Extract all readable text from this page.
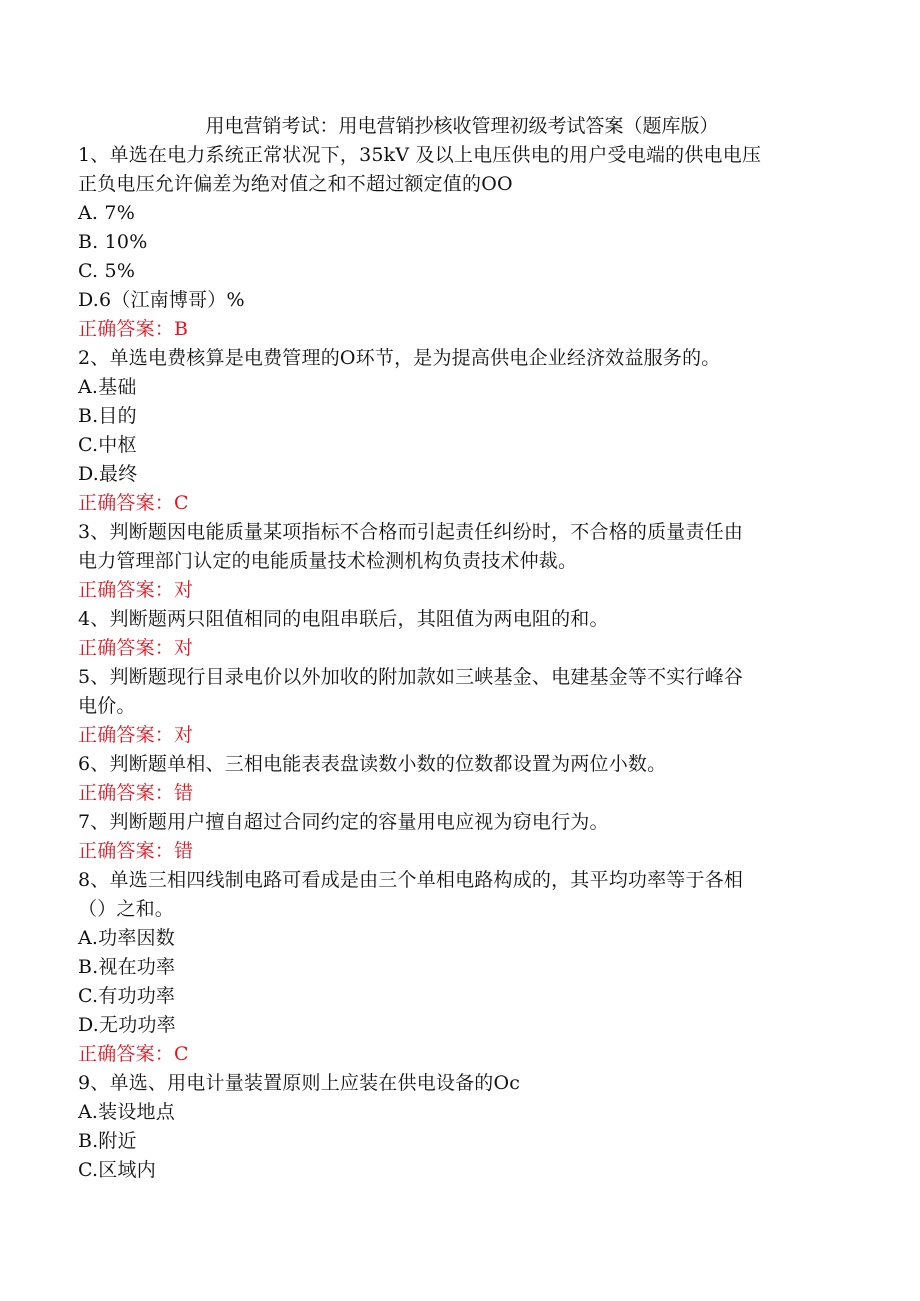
用电营销考试：用电营销抄核收管理初级考试答案（题库版）
1、单选在电力系统正常状况下，35kV 及以上电压供电的用户受电端的供电电压
正负电压允许偏差为绝对值之和不超过额定值的OO
A. 7%
B. 10%
C. 5%
D.6（江南博哥）%
正确答案：B
2、单选电费核算是电费管理的O环节，是为提高供电企业经济效益服务的。
A.基础
B.目的
C.中枢
D.最终
正确答案：C
3、判断题因电能质量某项指标不合格而引起责任纠纷时，不合格的质量责任由
电力管理部门认定的电能质量技术检测机构负责技术仲裁。
正确答案：对
4、判断题两只阻值相同的电阻串联后，其阻值为两电阻的和。
正确答案：对
5、判断题现行目录电价以外加收的附加款如三峡基金、电建基金等不实行峰谷
电价。
正确答案：对
6、判断题单相、三相电能表表盘读数小数的位数都设置为两位小数。
正确答案：错
7、判断题用户擅自超过合同约定的容量用电应视为窃电行为。
正确答案：错
8、单选三相四线制电路可看成是由三个单相电路构成的，其平均功率等于各相
（）之和。
A.功率因数
B.视在功率
C.有功功率
D.无功功率
正确答案：C
9、单选、用电计量装置原则上应装在供电设备的Oc
A.装设地点
B.附近
C.区域内
